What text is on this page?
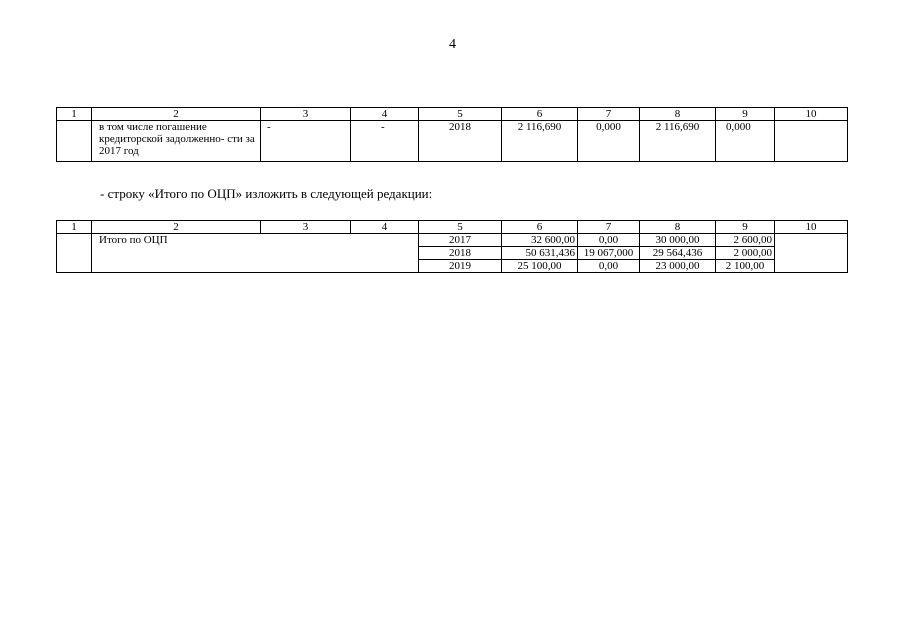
4
1	2	3	4	5	6	7	8	9	10
	в том числе погашение кредиторской задолженно- сти за 2017 год	-	-	2018	2 116,690	0,000	2 116,690	0,000	
- строку «Итого по ОЦП» изложить в следующей редакции:
1	2	3	4	5	6	7	8	9	10
	Итого по ОЦП			2017	32 600,00	0,00	30 000,00	2 600,00	
				2018	50 631,436	19 067,000	29 564,436	2 000,00	
				2019	25 100,00	0,00	23 000,00	2 100,00	
